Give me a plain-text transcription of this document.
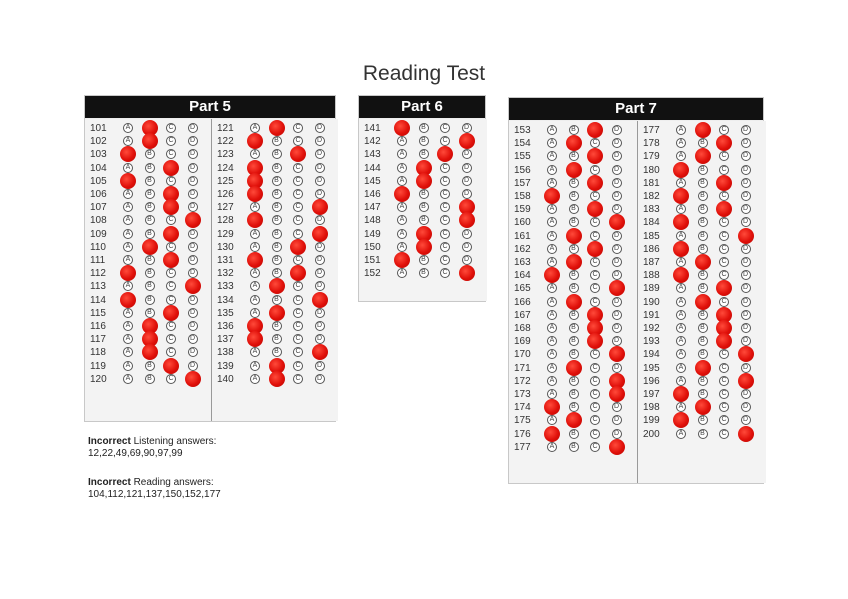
Reading Test
Part 5
101	A	C	D
102	A	C	D
103	B	C	D
104	A	B	D
105	B	C	D
106	A	B	D
107	A	B	D
108	A	B	C
109	A	B	D
110	A	C	D
111	A	B	D
112	B	C	D
113	A	B	C
114	B	C	D
115	A	B	D
116	A	C	D
117	A	C	D
118	A	C	D
119	A	B	D
120	A	B	C
121	A	C	D
122	B	C	D
123	A	B	D
124	B	C	D
125	B	C	D
126	B	C	D
127	A	B	C
128	B	C	D
129	A	B	C
130	A	B	D
131	B	C	D
132	A	B	D
133	A	C	D
134	A	B	C
135	A	C	D
136	B	C	D
137	B	C	D
138	A	B	C
139	A	C	D
140	A	C	D
Part 6
141	B	C	D
142	A	B	C
143	A	B	D
144	A	C	D
145	A	C	D
146	B	C	D
147	A	B	C
148	A	B	C
149	A	C	D
150	A	C	D
151	B	C	D
152	A	B	C
Part 7
153	A	B	D
154	A	C	D
155	A	B	D
156	A	C	D
157	A	B	D
158	B	C	D
159	A	B	D
160	A	B	C
161	A	C	D
162	A	B	D
163	A	C	D
164	B	C	D
165	A	B	C
166	A	C	D
167	A	B	D
168	A	B	D
169	A	B	D
170	A	B	C
171	A	C	D
172	A	B	C
173	A	B	C
174	B	C	D
175	A	C	D
176	B	C	D
177	A	B	C
177	A	C	D
178	A	B	D
179	A	C	D
180	B	C	D
181	A	B	D
182	B	C	D
183	A	B	D
184	B	C	D
185	A	B	C
186	B	C	D
187	A	C	D
188	B	C	D
189	A	B	D
190	A	C	D
191	A	B	D
192	A	B	D
193	A	B	D
194	A	B	C
195	A	C	D
196	A	B	C
197	B	C	D
198	A	C	D
199	B	C	D
200	A	B	C
Incorrect Listening answers:
12,22,49,69,90,97,99
Incorrect Reading answers:
104,112,121,137,150,152,177
